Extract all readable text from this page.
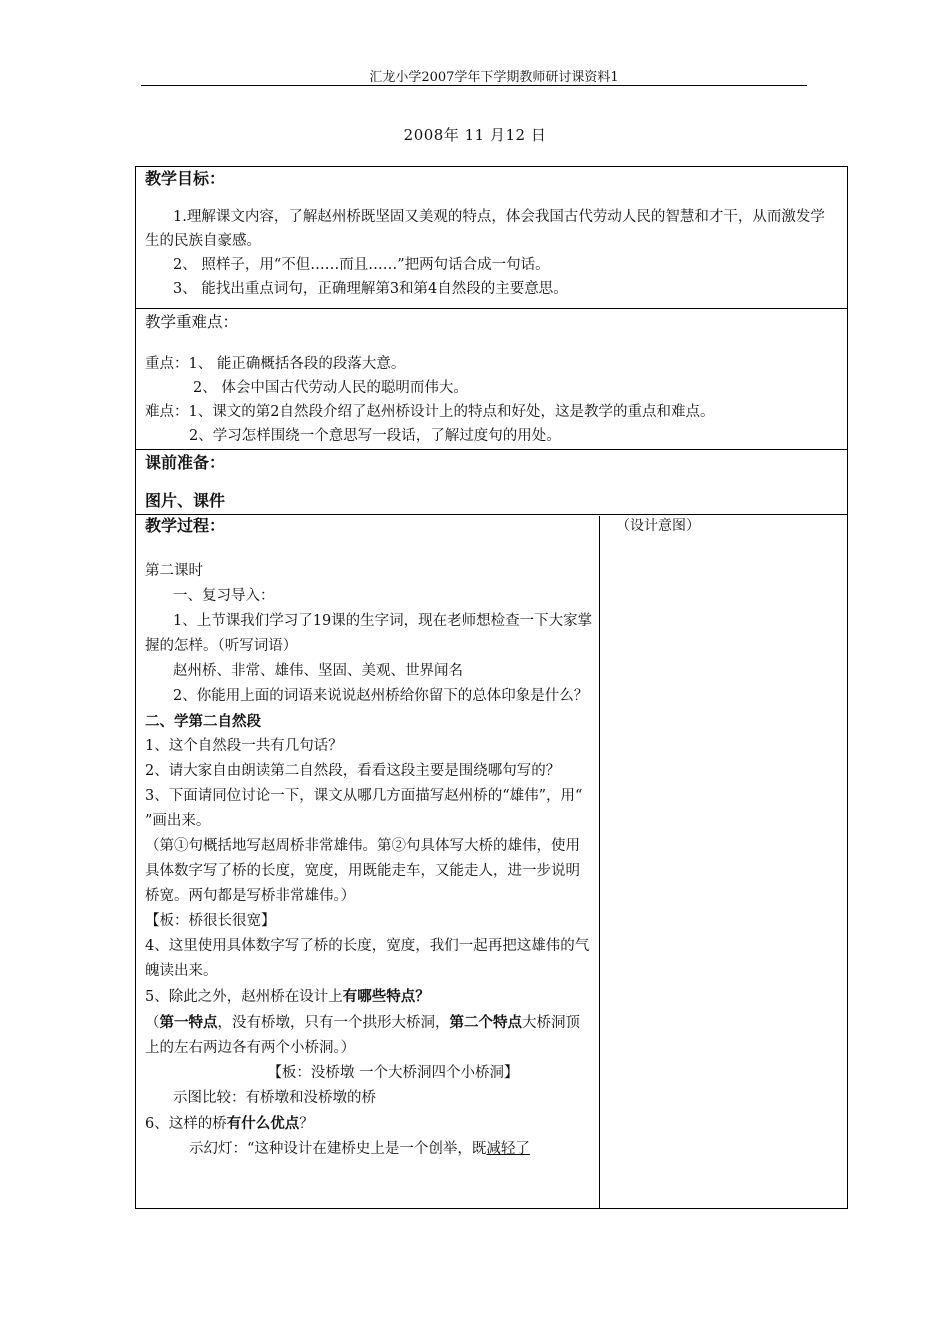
汇龙小学2007学年下学期教师研讨课资料1
2008年 11 月12 日
教学目标：

1.理解课文内容，了解赵州桥既坚固又美观的特点，体会我国古代劳动人民的智慧和才干，从而激发学生的民族自豪感。

2、 照样子，用“不但……而且……”把两句话合成一句话。

3、 能找出重点词句，正确理解第3和第4自然段的主要意思。

教学重难点：

重点：1、 能正确概括各段的段落大意。

2、 体会中国古代劳动人民的聪明而伟大。

难点：1、课文的第2自然段介绍了赵州桥设计上的特点和好处，这是教学的重点和难点。

2、学习怎样围绕一个意思写一段话，了解过度句的用处。

课前准备：
图片、课件
教学过程：	（设计意图）

第二课时

一、复习导入：

1、上节课我们学习了19课的生字词，现在老师想检查一下大家掌握的怎样。（听写词语）

赵州桥、非常、雄伟、坚固、美观、世界闻名

2、你能用上面的词语来说说赵州桥给你留下的总体印象是什么？

二、学第二自然段

1、这个自然段一共有几句话？

2、请大家自由朗读第二自然段，看看这段主要是围绕哪句写的？

3、下面请同位讨论一下，课文从哪几方面描写赵州桥的“雄伟”，用“ ”画出来。

（第①句概括地写赵周桥非常雄伟。第②句具体写大桥的雄伟，使用具体数字写了桥的长度，宽度，用既能走车，又能走人，进一步说明桥宽。两句都是写桥非常雄伟。）

【板：桥很长很宽】

4、这里使用具体数字写了桥的长度，宽度，我们一起再把这雄伟的气魄读出来。

5、除此之外，赵州桥在设计上有哪些特点？

（第一特点，没有桥墩，只有一个拱形大桥洞，第二个特点大桥洞顶上的左右两边各有两个小桥洞。）

【板：没桥墩 一个大桥洞四个小桥洞】

示图比较：有桥墩和没桥墩的桥

6、这样的桥有什么优点？

示幻灯：“这种设计在建桥史上是一个创举，既减轻了
